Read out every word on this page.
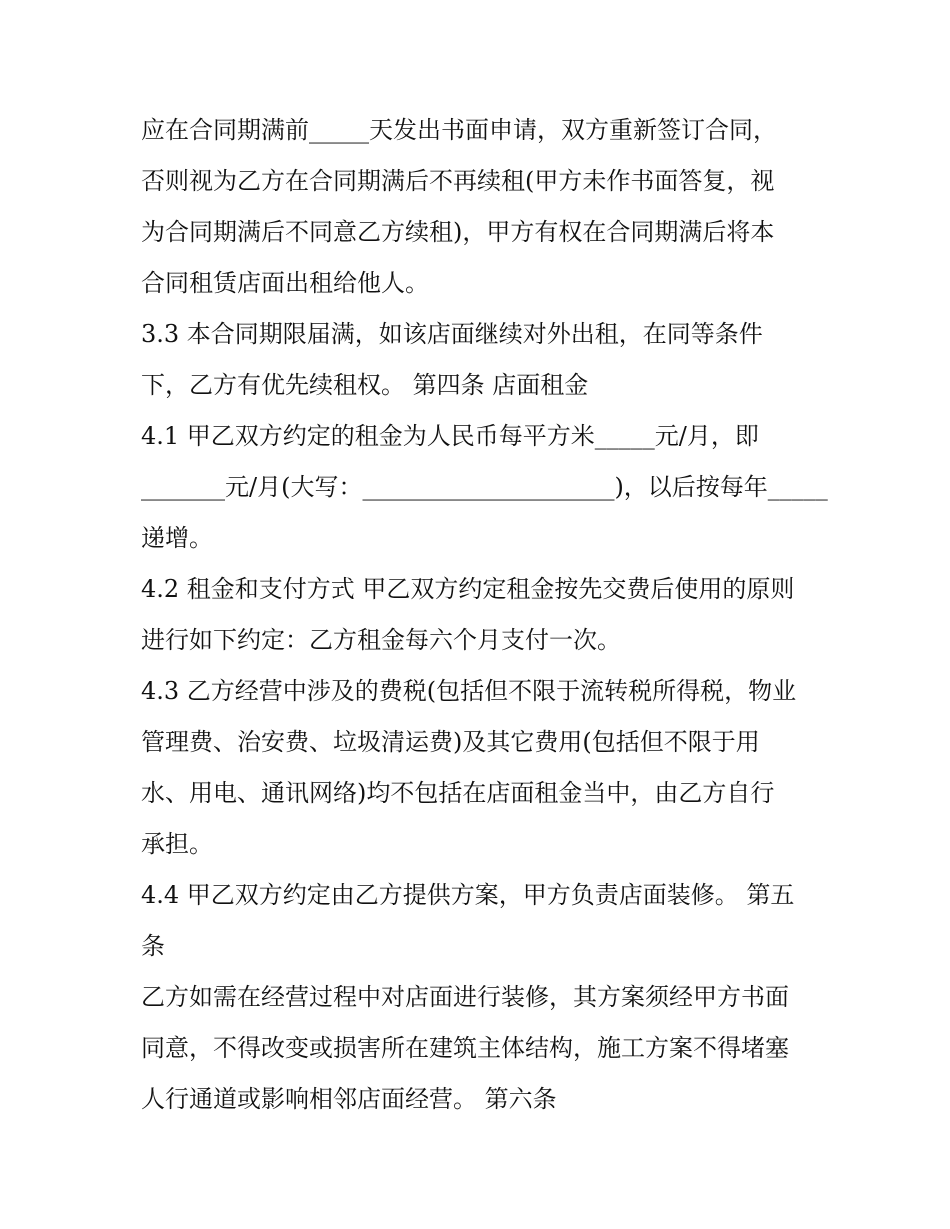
应在合同期满前_____天发出书面申请，双方重新签订合同，
否则视为乙方在合同期满后不再续租(甲方未作书面答复，视
为合同期满后不同意乙方续租)，甲方有权在合同期满后将本
合同租赁店面出租给他人。
3.3 本合同期限届满，如该店面继续对外出租，在同等条件
下，乙方有优先续租权。 第四条 店面租金
4.1 甲乙双方约定的租金为人民币每平方米_____元/月，即
_______元/月(大写：_____________________)，以后按每年_____
递增。
4.2 租金和支付方式 甲乙双方约定租金按先交费后使用的原则
进行如下约定：乙方租金每六个月支付一次。
4.3 乙方经营中涉及的费税(包括但不限于流转税所得税，物业
管理费、治安费、垃圾清运费)及其它费用(包括但不限于用
水、用电、通讯网络)均不包括在店面租金当中，由乙方自行
承担。
4.4 甲乙双方约定由乙方提供方案，甲方负责店面装修。 第五
条
乙方如需在经营过程中对店面进行装修，其方案须经甲方书面
同意，不得改变或损害所在建筑主体结构，施工方案不得堵塞
人行通道或影响相邻店面经营。 第六条
